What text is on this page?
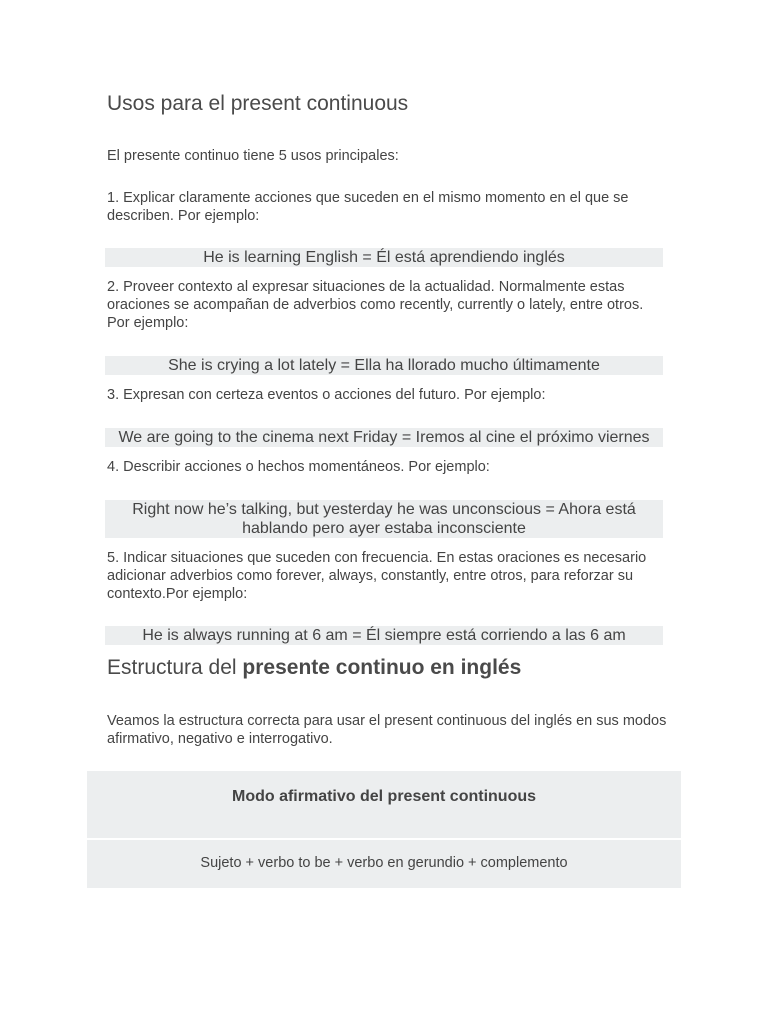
Usos para el present continuous

El presente continuo tiene 5 usos principales:

1. Explicar claramente acciones que suceden en el mismo momento en el que se describen. Por ejemplo:

He is learning English = Él está aprendiendo inglés

2. Proveer contexto al expresar situaciones de la actualidad. Normalmente estas oraciones se acompañan de adverbios como recently, currently o lately, entre otros. Por ejemplo:

She is crying a lot lately = Ella ha llorado mucho últimamente

3. Expresan con certeza eventos o acciones del futuro. Por ejemplo:

We are going to the cinema next Friday = Iremos al cine el próximo viernes

4. Describir acciones o hechos momentáneos. Por ejemplo:

Right now he’s talking, but yesterday he was unconscious = Ahora está hablando pero ayer estaba inconsciente

5. Indicar situaciones que suceden con frecuencia. En estas oraciones es necesario adicionar adverbios como forever, always, constantly, entre otros, para reforzar su contexto.Por ejemplo:

He is always running at 6 am = Él siempre está corriendo a las 6 am

Estructura del presente continuo en inglés

Veamos la estructura correcta para usar el present continuous del inglés en sus modos afirmativo, negativo e interrogativo.

Modo afirmativo del present continuous
Sujeto + verbo to be + verbo en gerundio + complemento
